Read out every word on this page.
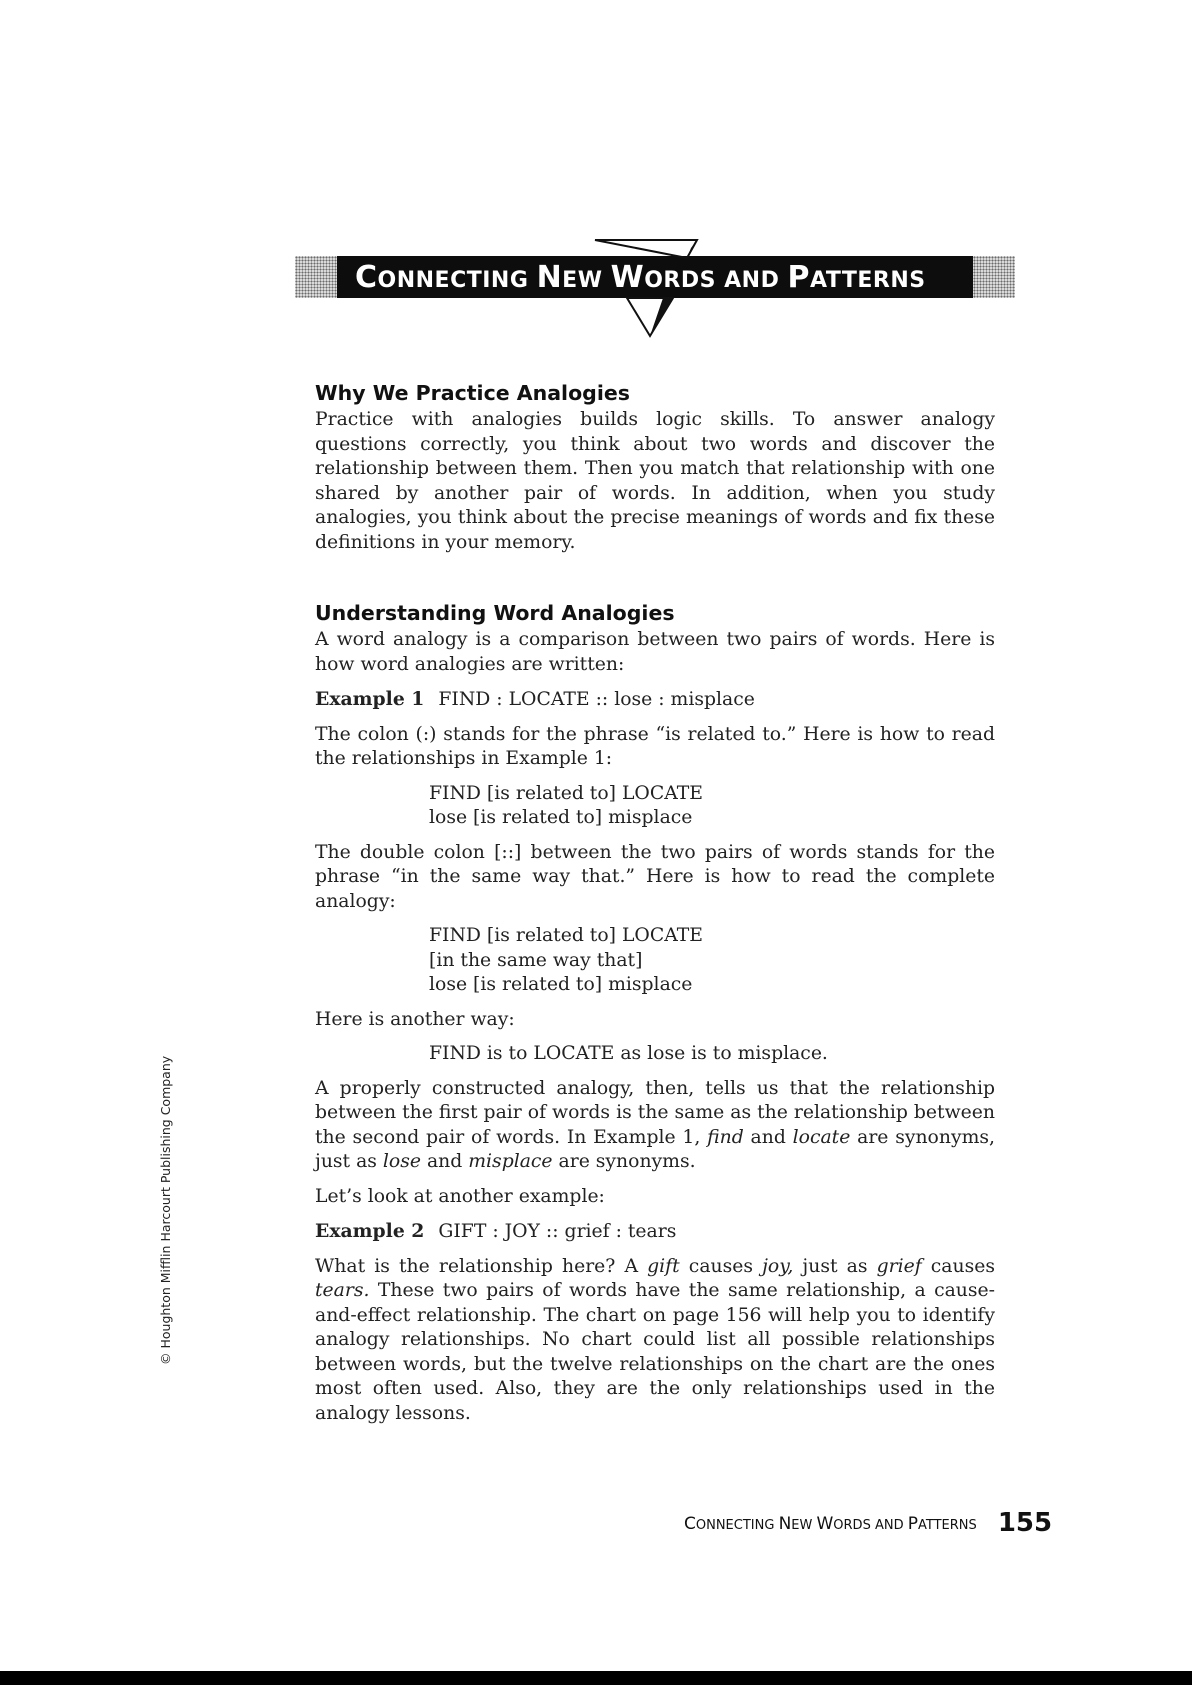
CONNECTING NEW WORDS AND PATTERNS
Why We Practice Analogies

Practice with analogies builds logic skills. To answer analogy questions correctly, you think about two words and discover the relationship between them. Then you match that relationship with one shared by another pair of words. In addition, when you study analogies, you think about the precise meanings of words and fix these definitions in your memory.

Understanding Word Analogies

A word analogy is a comparison between two pairs of words. Here is how word analogies are written:

Example 1 FIND : LOCATE :: lose : misplace

The colon (:) stands for the phrase “is related to.” Here is how to read the relationships in Example 1:

FIND [is related to] LOCATE
lose [is related to] misplace

The double colon [::] between the two pairs of words stands for the phrase “in the same way that.” Here is how to read the complete analogy:

FIND [is related to] LOCATE
[in the same way that]
lose [is related to] misplace

Here is another way:

FIND is to LOCATE as lose is to misplace.

A properly constructed analogy, then, tells us that the relationship between the first pair of words is the same as the relationship between the second pair of words. In Example 1, find and locate are synonyms, just as lose and misplace are synonyms.

Let’s look at another example:

Example 2 GIFT : JOY :: grief : tears

What is the relationship here? A gift causes joy, just as grief causes tears. These two pairs of words have the same relationship, a cause-and-effect relationship. The chart on page 156 will help you to identify analogy relationships. No chart could list all possible relationships between words, but the twelve relationships on the chart are the ones most often used. Also, they are the only relationships used in the analogy lessons.

© Houghton Mifflin Harcourt Publishing Company
CONNECTING NEW WORDS AND PATTERNS 155
